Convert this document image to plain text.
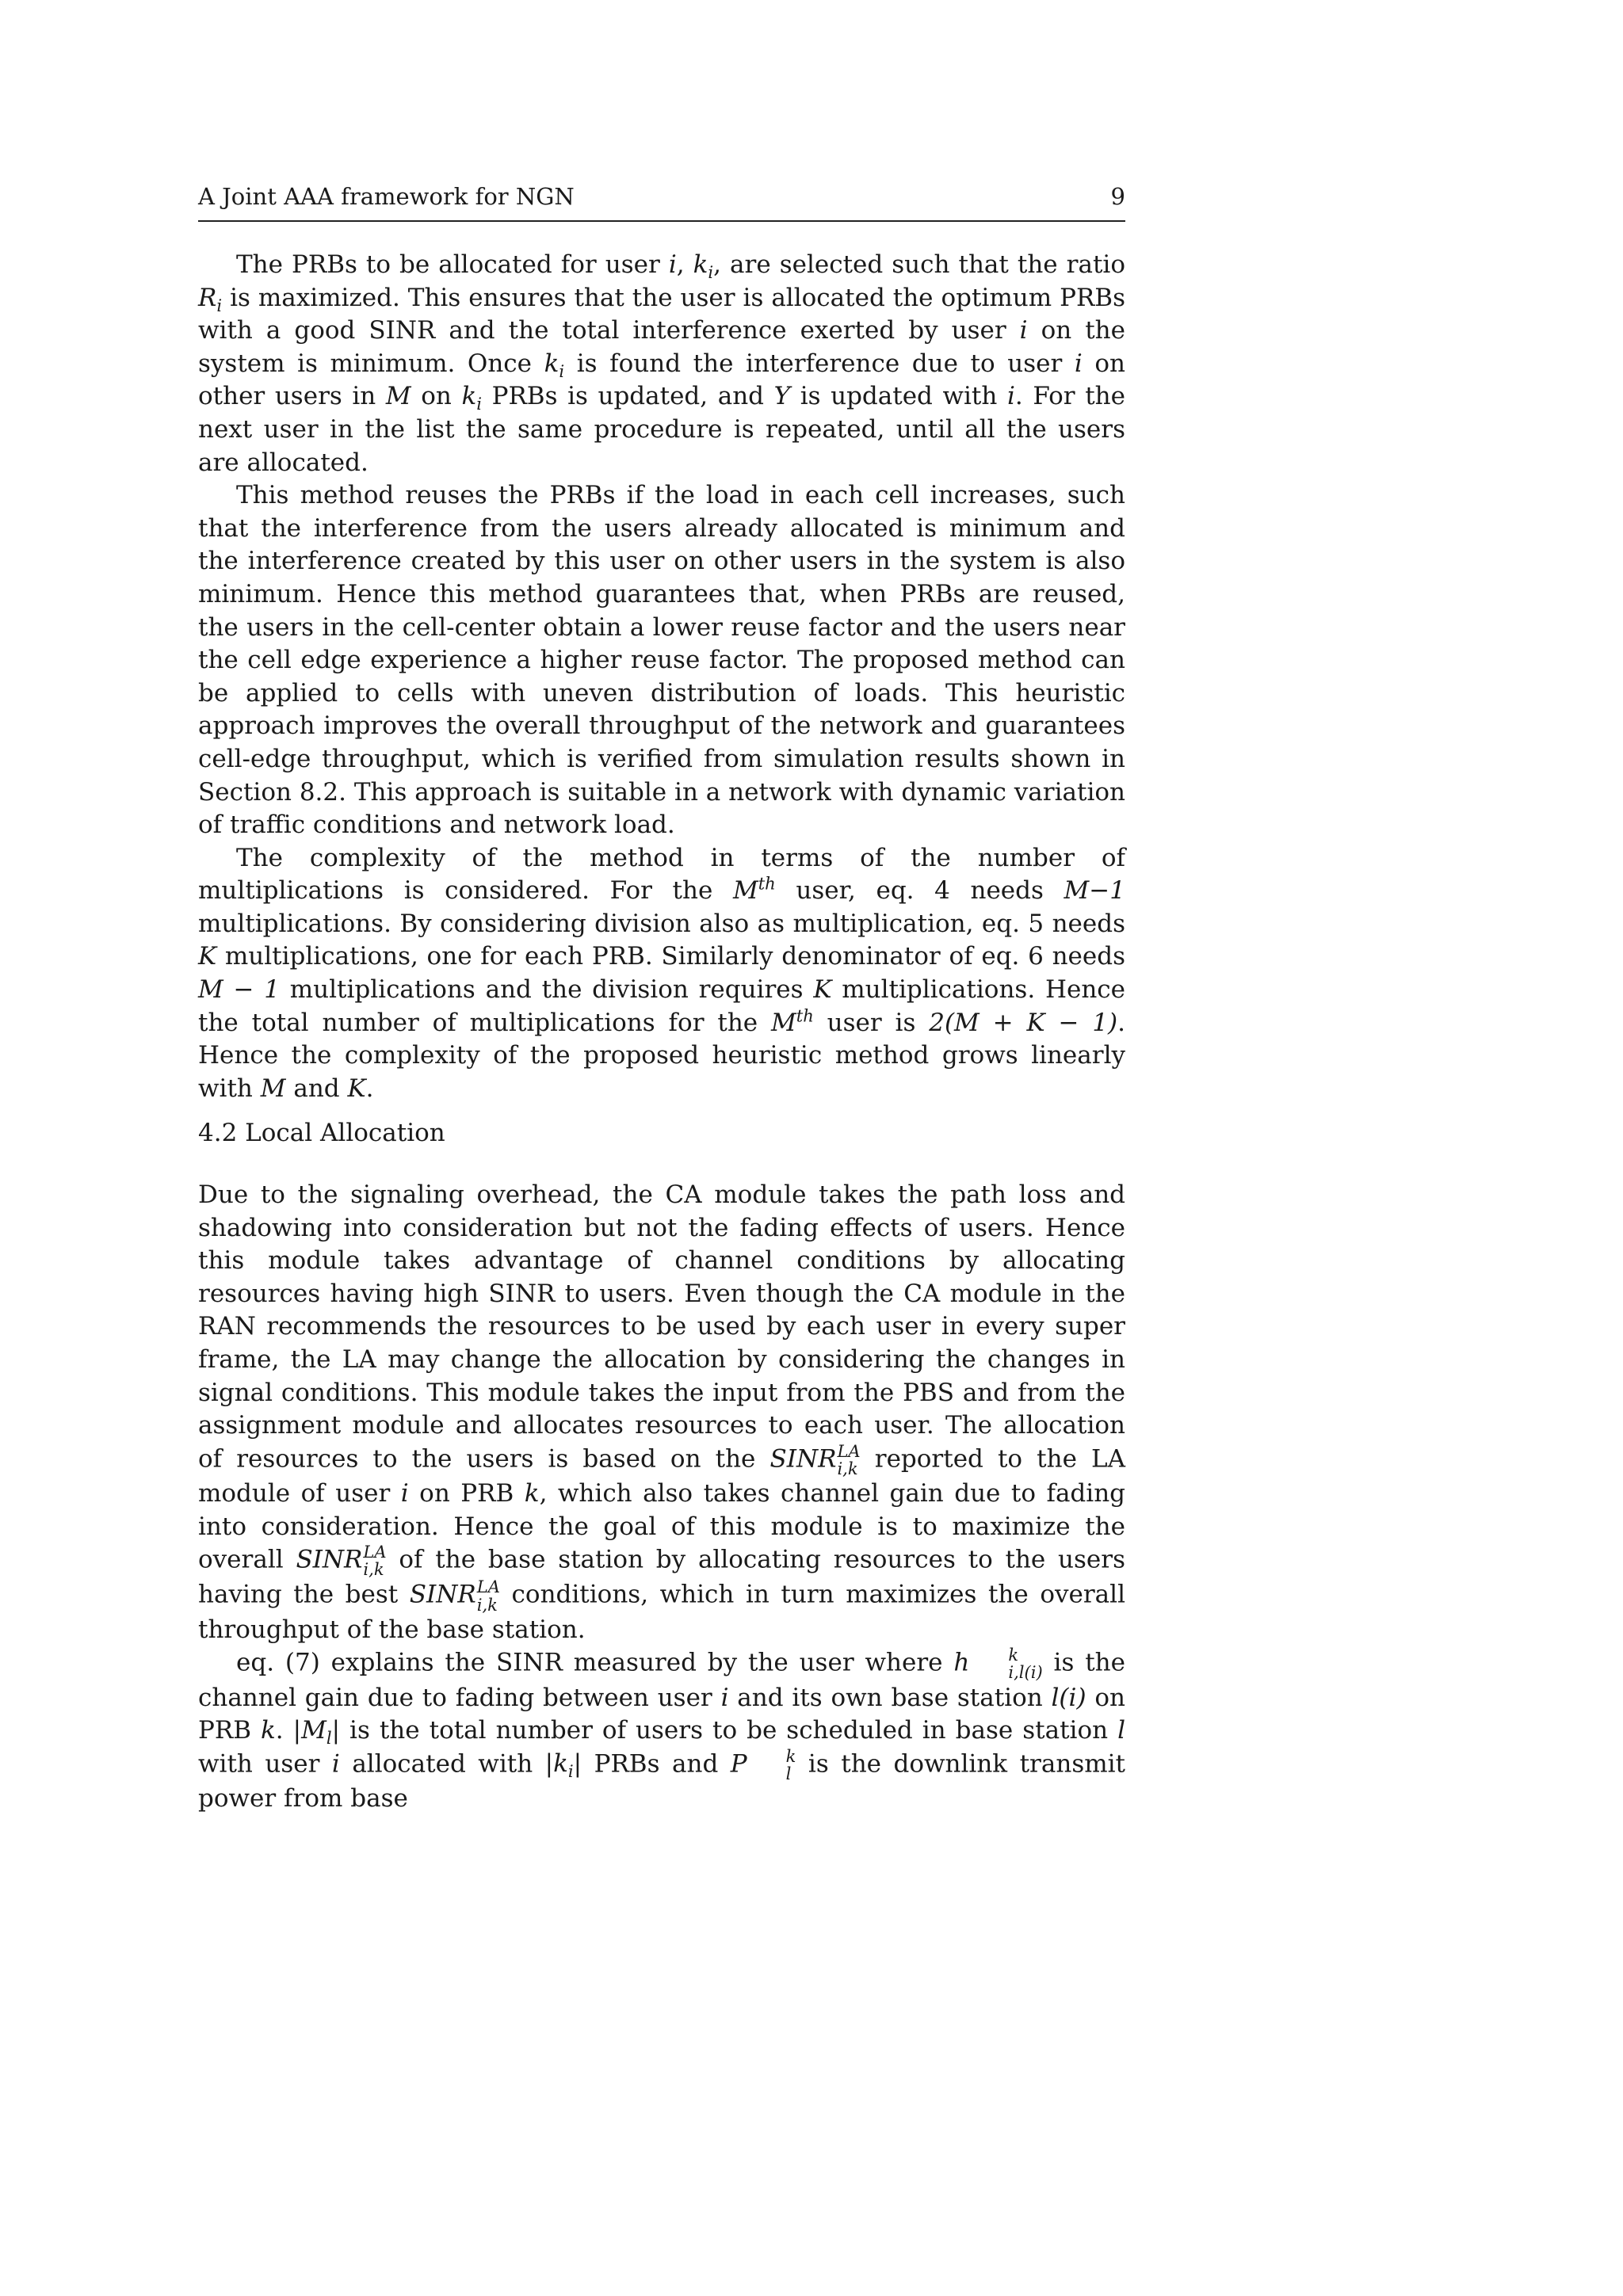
A Joint AAA framework for NGN	9

The PRBs to be allocated for user i, $k_i$, are selected such that the ratio $R_i$ is maximized. This ensures that the user is allocated the optimum PRBs with a good SINR and the total interference exerted by user i on the system is minimum. Once $k_i$ is found the interference due to user i on other users in M on $k_i$ PRBs is updated, and Y is updated with i. For the next user in the list the same procedure is repeated, until all the users are allocated.

This method reuses the PRBs if the load in each cell increases, such that the interference from the users already allocated is minimum and the interference created by this user on other users in the system is also minimum. Hence this method guarantees that, when PRBs are reused, the users in the cell-center obtain a lower reuse factor and the users near the cell edge experience a higher reuse factor. The proposed method can be applied to cells with uneven distribution of loads. This heuristic approach improves the overall throughput of the network and guarantees cell-edge throughput, which is verified from simulation results shown in Section 8.2. This approach is suitable in a network with dynamic variation of traffic conditions and network load.

The complexity of the method in terms of the number of multiplications is considered. For the Mth user, eq. 4 needs M−1 multiplications. By considering division also as multiplication, eq. 5 needs K multiplications, one for each PRB. Similarly denominator of eq. 6 needs M − 1 multiplications and the division requires K multiplications. Hence the total number of multiplications for the Mth user is 2(M + K − 1). Hence the complexity of the proposed heuristic method grows linearly with M and K.

4.2 Local Allocation

Due to the signaling overhead, the CA module takes the path loss and shadowing into consideration but not the fading effects of users. Hence this module takes advantage of channel conditions by allocating resources having high SINR to users. Even though the CA module in the RAN recommends the resources to be used by each user in every super frame, the LA may change the allocation by considering the changes in signal conditions. This module takes the input from the PBS and from the assignment module and allocates resources to each user. The allocation of resources to the users is based on the SINR LA
i,k reported to the LA module of user i on PRB k, which also takes channel gain due to fading into consideration. Hence the goal of this module is to maximize the overall SINR LA
i,k of the base station by allocating resources to the users having the best SINR LA
i,k conditions, which in turn maximizes the overall throughput of the base station.

eq. (7) explains the SINR measured by the user where h	k
i,l(i) is the channel gain due to fading between user i and its own base station l(i) on PRB k. $|M_l|$ is the total number of users to be scheduled in base station l with user i allocated with $|k_i|$ PRBs and P	k
l is the downlink transmit power from base
